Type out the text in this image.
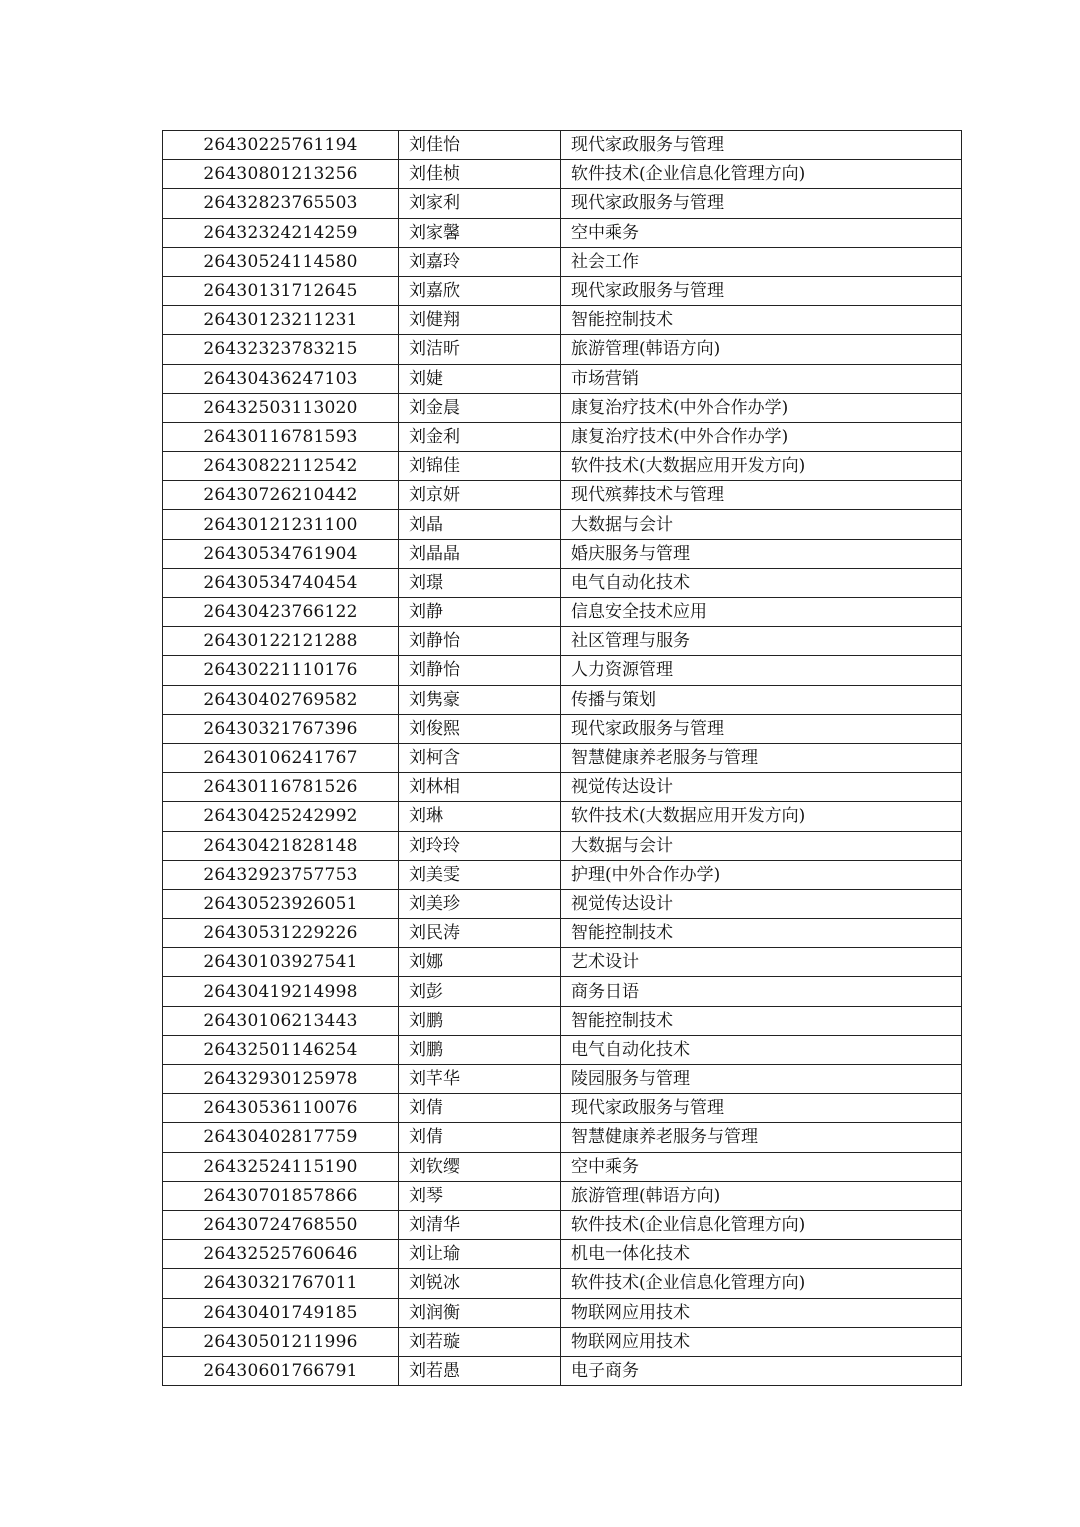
26430225761194	刘佳怡	现代家政服务与管理
26430801213256	刘佳桢	软件技术(企业信息化管理方向)
26432823765503	刘家利	现代家政服务与管理
26432324214259	刘家馨	空中乘务
26430524114580	刘嘉玲	社会工作
26430131712645	刘嘉欣	现代家政服务与管理
26430123211231	刘健翔	智能控制技术
26432323783215	刘洁昕	旅游管理(韩语方向)
26430436247103	刘婕	市场营销
26432503113020	刘金晨	康复治疗技术(中外合作办学)
26430116781593	刘金利	康复治疗技术(中外合作办学)
26430822112542	刘锦佳	软件技术(大数据应用开发方向)
26430726210442	刘京妍	现代殡葬技术与管理
26430121231100	刘晶	大数据与会计
26430534761904	刘晶晶	婚庆服务与管理
26430534740454	刘璟	电气自动化技术
26430423766122	刘静	信息安全技术应用
26430122121288	刘静怡	社区管理与服务
26430221110176	刘静怡	人力资源管理
26430402769582	刘隽豪	传播与策划
26430321767396	刘俊熙	现代家政服务与管理
26430106241767	刘柯含	智慧健康养老服务与管理
26430116781526	刘林相	视觉传达设计
26430425242992	刘琳	软件技术(大数据应用开发方向)
26430421828148	刘玲玲	大数据与会计
26432923757753	刘美雯	护理(中外合作办学)
26430523926051	刘美珍	视觉传达设计
26430531229226	刘民涛	智能控制技术
26430103927541	刘娜	艺术设计
26430419214998	刘彭	商务日语
26430106213443	刘鹏	智能控制技术
26432501146254	刘鹏	电气自动化技术
26432930125978	刘芊华	陵园服务与管理
26430536110076	刘倩	现代家政服务与管理
26430402817759	刘倩	智慧健康养老服务与管理
26432524115190	刘钦缨	空中乘务
26430701857866	刘琴	旅游管理(韩语方向)
26430724768550	刘清华	软件技术(企业信息化管理方向)
26432525760646	刘让瑜	机电一体化技术
26430321767011	刘锐冰	软件技术(企业信息化管理方向)
26430401749185	刘润衡	物联网应用技术
26430501211996	刘若璇	物联网应用技术
26430601766791	刘若愚	电子商务
